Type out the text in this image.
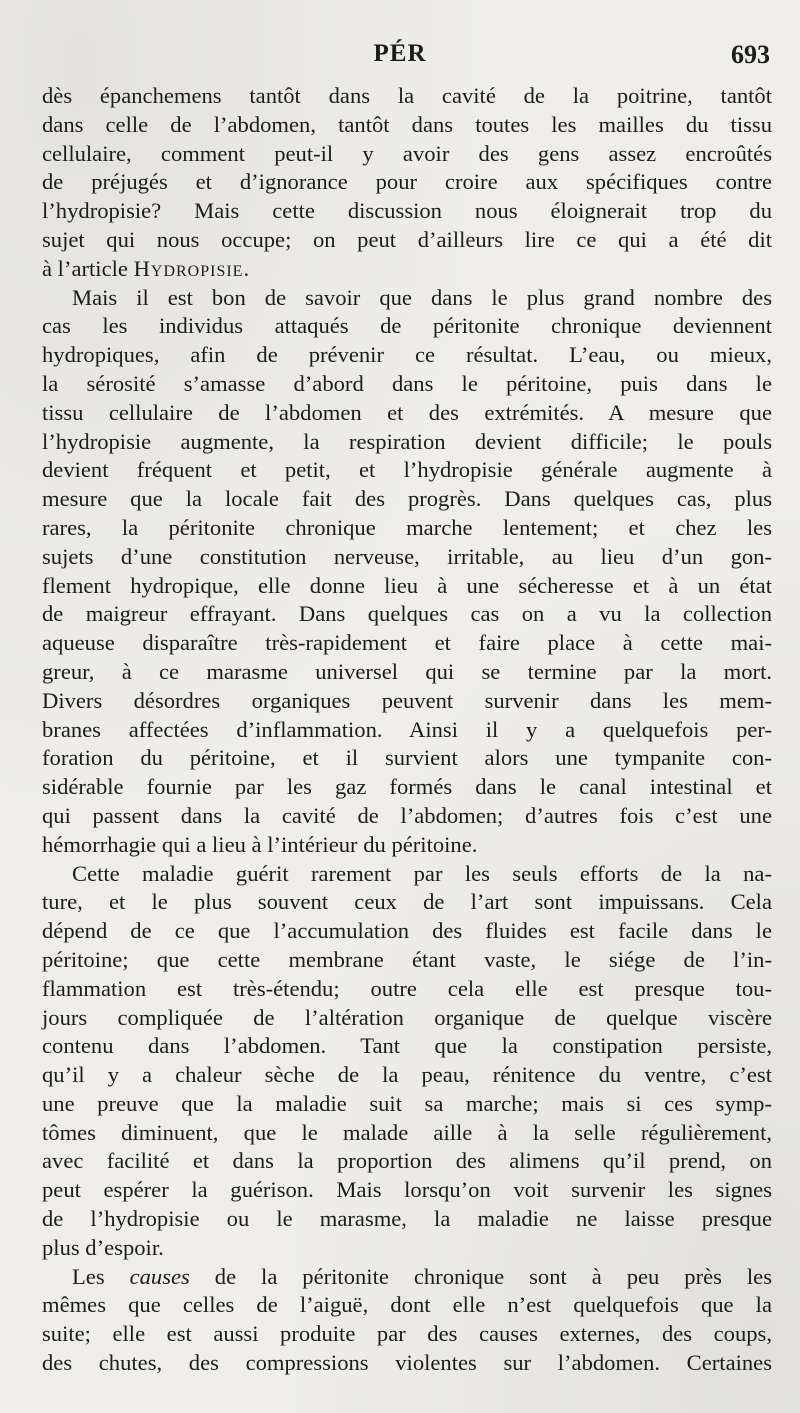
PÉR	693

dès épanchemens tantôt dans la cavité de la poitrine, tantôt
dans celle de l’abdomen, tantôt dans toutes les mailles du tissu
cellulaire, comment peut-il y avoir des gens assez encroûtés
de préjugés et d’ignorance pour croire aux spécifiques contre
l’hydropisie? Mais cette discussion nous éloignerait trop du
sujet qui nous occupe; on peut d’ailleurs lire ce qui a été dit
à l’article Hydropisie.

Mais il est bon de savoir que dans le plus grand nombre des
cas les individus attaqués de péritonite chronique deviennent
hydropiques, afin de prévenir ce résultat. L’eau, ou mieux,
la sérosité s’amasse d’abord dans le péritoine, puis dans le
tissu cellulaire de l’abdomen et des extrémités. A mesure que
l’hydropisie augmente, la respiration devient difficile; le pouls
devient fréquent et petit, et l’hydropisie générale augmente à
mesure que la locale fait des progrès. Dans quelques cas, plus
rares, la péritonite chronique marche lentement; et chez les
sujets d’une constitution nerveuse, irritable, au lieu d’un gon-
flement hydropique, elle donne lieu à une sécheresse et à un état
de maigreur effrayant. Dans quelques cas on a vu la collection
aqueuse disparaître très-rapidement et faire place à cette mai-
greur, à ce marasme universel qui se termine par la mort.
Divers désordres organiques peuvent survenir dans les mem-
branes affectées d’inflammation. Ainsi il y a quelquefois per-
foration du péritoine, et il survient alors une tympanite con-
sidérable fournie par les gaz formés dans le canal intestinal et
qui passent dans la cavité de l’abdomen; d’autres fois c’est une
hémorrhagie qui a lieu à l’intérieur du péritoine.

Cette maladie guérit rarement par les seuls efforts de la na-
ture, et le plus souvent ceux de l’art sont impuissans. Cela
dépend de ce que l’accumulation des fluides est facile dans le
péritoine; que cette membrane étant vaste, le siége de l’in-
flammation est très-étendu; outre cela elle est presque tou-
jours compliquée de l’altération organique de quelque viscère
contenu dans l’abdomen. Tant que la constipation persiste,
qu’il y a chaleur sèche de la peau, rénitence du ventre, c’est
une preuve que la maladie suit sa marche; mais si ces symp-
tômes diminuent, que le malade aille à la selle régulièrement,
avec facilité et dans la proportion des alimens qu’il prend, on
peut espérer la guérison. Mais lorsqu’on voit survenir les signes
de l’hydropisie ou le marasme, la maladie ne laisse presque
plus d’espoir.

Les causes de la péritonite chronique sont à peu près les
mêmes que celles de l’aiguë, dont elle n’est quelquefois que la
suite; elle est aussi produite par des causes externes, des coups,
des chutes, des compressions violentes sur l’abdomen. Certaines
